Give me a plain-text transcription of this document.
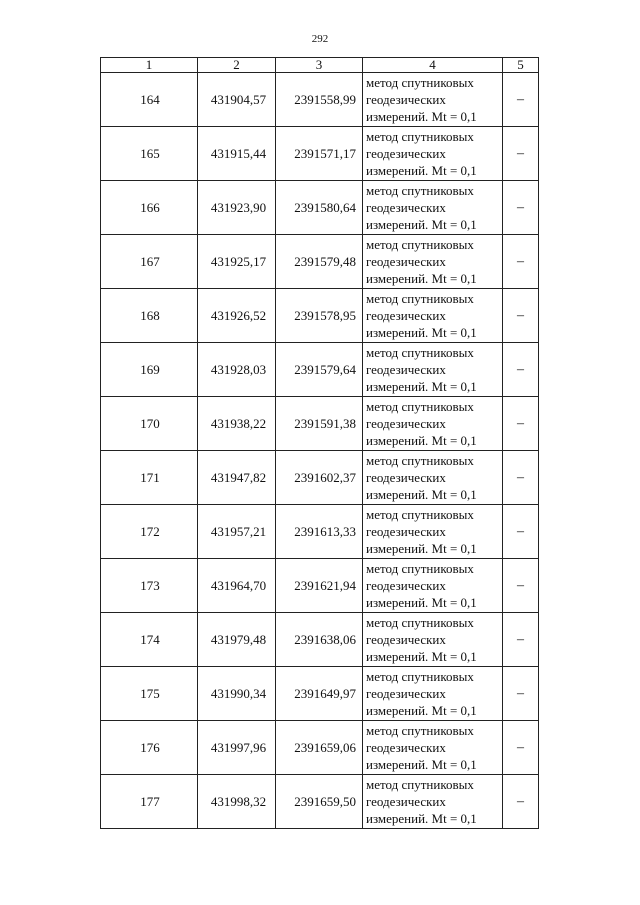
292
1	2	3	4	5
164	431904,57	2391558,99	метод спутниковых
геодезических
измерений. Mt = 0,1	–
165	431915,44	2391571,17	метод спутниковых
геодезических
измерений. Mt = 0,1	–
166	431923,90	2391580,64	метод спутниковых
геодезических
измерений. Mt = 0,1	–
167	431925,17	2391579,48	метод спутниковых
геодезических
измерений. Mt = 0,1	–
168	431926,52	2391578,95	метод спутниковых
геодезических
измерений. Mt = 0,1	–
169	431928,03	2391579,64	метод спутниковых
геодезических
измерений. Mt = 0,1	–
170	431938,22	2391591,38	метод спутниковых
геодезических
измерений. Mt = 0,1	–
171	431947,82	2391602,37	метод спутниковых
геодезических
измерений. Mt = 0,1	–
172	431957,21	2391613,33	метод спутниковых
геодезических
измерений. Mt = 0,1	–
173	431964,70	2391621,94	метод спутниковых
геодезических
измерений. Mt = 0,1	–
174	431979,48	2391638,06	метод спутниковых
геодезических
измерений. Mt = 0,1	–
175	431990,34	2391649,97	метод спутниковых
геодезических
измерений. Mt = 0,1	–
176	431997,96	2391659,06	метод спутниковых
геодезических
измерений. Mt = 0,1	–
177	431998,32	2391659,50	метод спутниковых
геодезических
измерений. Mt = 0,1	–
